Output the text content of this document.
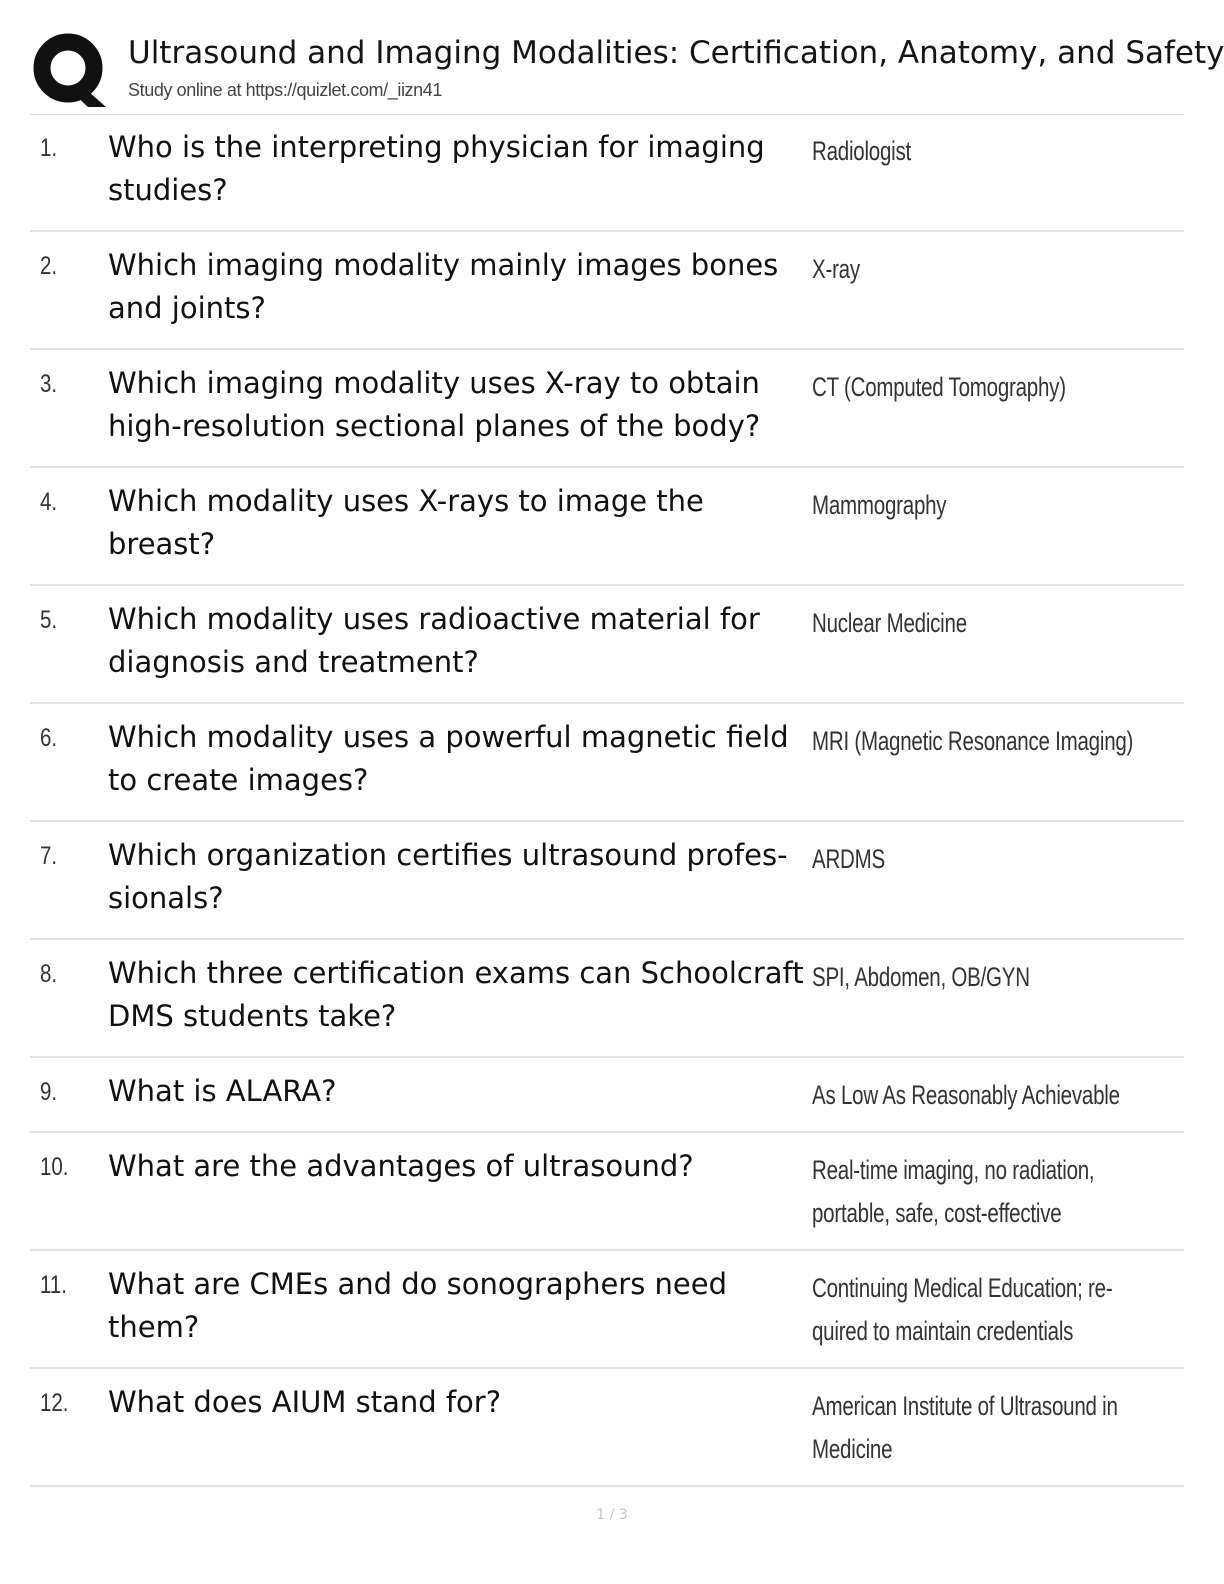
Ultrasound and Imaging Modalities: Certification, Anatomy, and Safety
Study online at https://quizlet.com/_iizn41
1. Who is the interpreting physician for imaging studies?
Radiologist
2. Which imaging modality mainly images bones and joints?
X-ray
3. Which imaging modality uses X-ray to obtain high-resolution sectional planes of the body?
CT (Computed Tomography)
4. Which modality uses X-rays to image the breast?
Mammography
5. Which modality uses radioactive material for diagnosis and treatment?
Nuclear Medicine
6. Which modality uses a powerful magnetic field to create images?
MRI (Magnetic Resonance Imaging)
7. Which organization certifies ultrasound profes-sionals?
ARDMS
8. Which three certification exams can Schoolcraft DMS students take?
SPI, Abdomen, OB/GYN
9. What is ALARA?	As Low As Reasonably Achievable
10. What are the advantages of ultrasound?	Real-time imaging, no radiation, portable, safe, cost-effective
11. What are CMEs and do sonographers need them?
Continuing Medical Education; re-quired to maintain credentials
12. What does AIUM stand for?	American Institute of Ultrasound in Medicine
1 / 3
